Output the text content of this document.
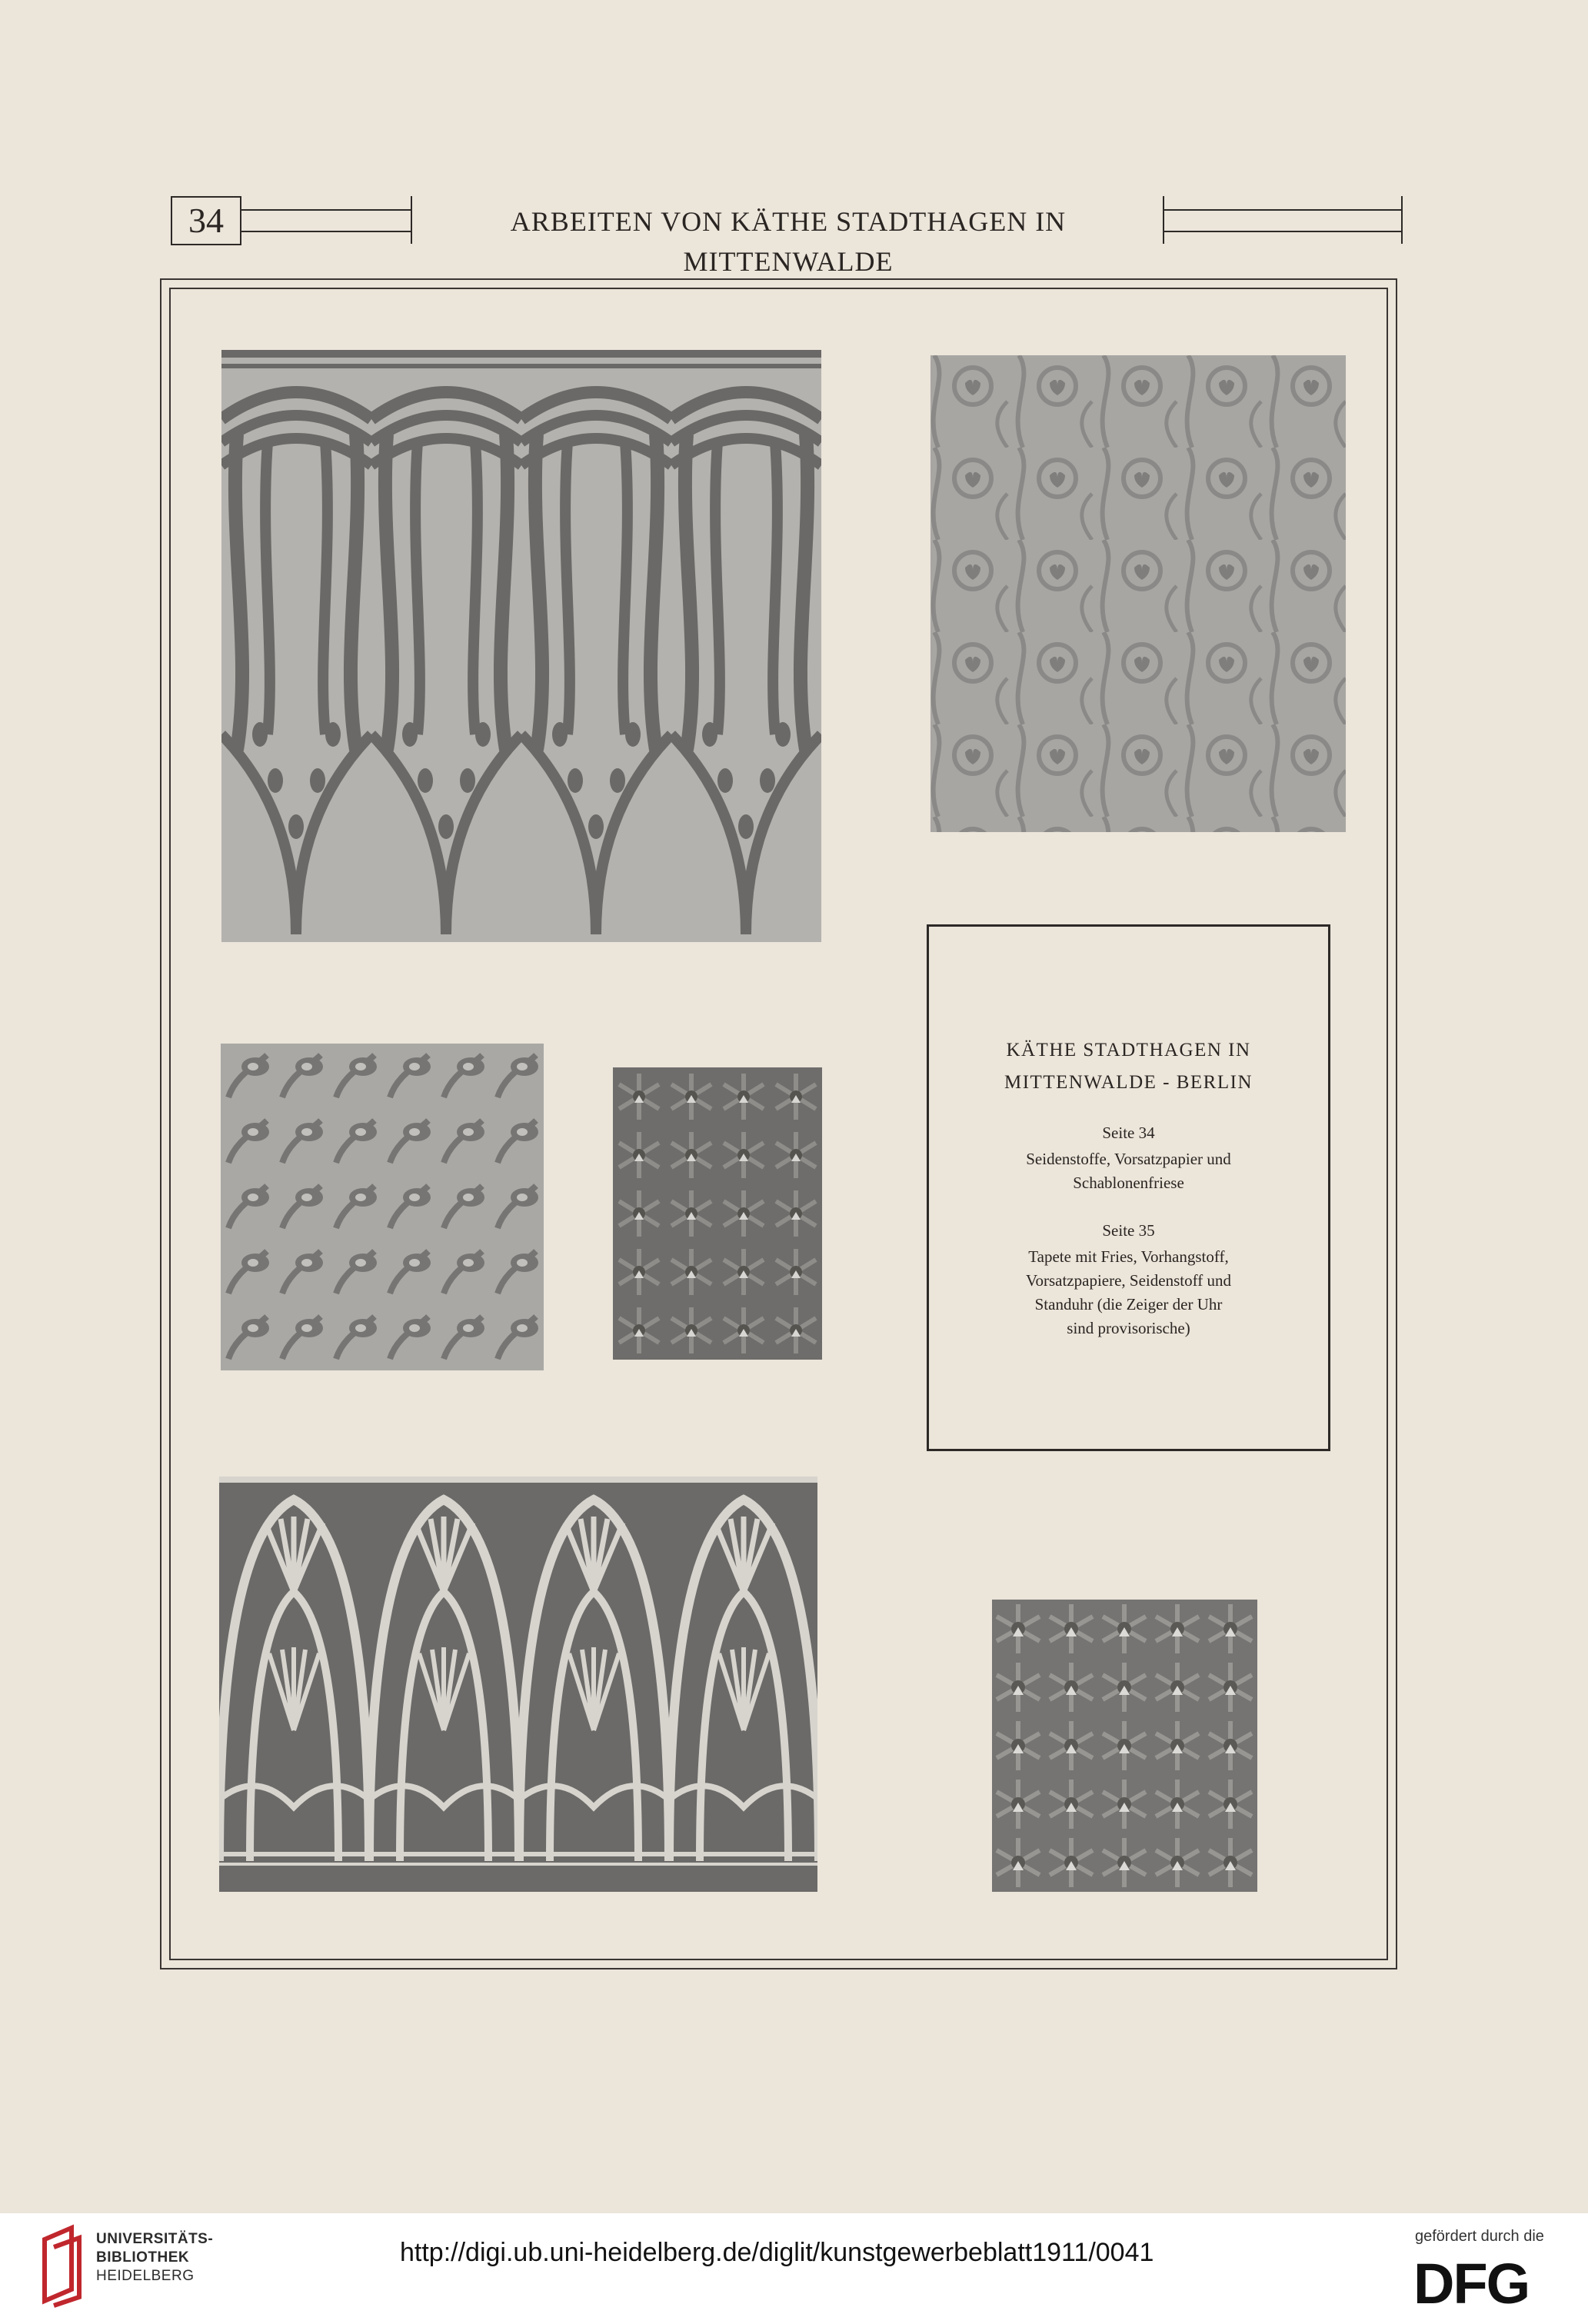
34	ARBEITEN VON KÄTHE STADTHAGEN IN MITTENWALDE
KÄTHE STADTHAGEN IN
MITTENWALDE - BERLIN
Seite 34
Seidenstoffe, Vorsatzpapier und
Schablonenfriese
Seite 35
Tapete mit Fries, Vorhangstoff,
Vorsatzpapiere, Seidenstoff und
Standuhr (die Zeiger der Uhr
sind provisorische)
UNIVERSITÄTS-
BIBLIOTHEK
HEIDELBERG
http://digi.ub.uni-heidelberg.de/diglit/kunstgewerbeblatt1911/0041
gefördert durch die
DFG
